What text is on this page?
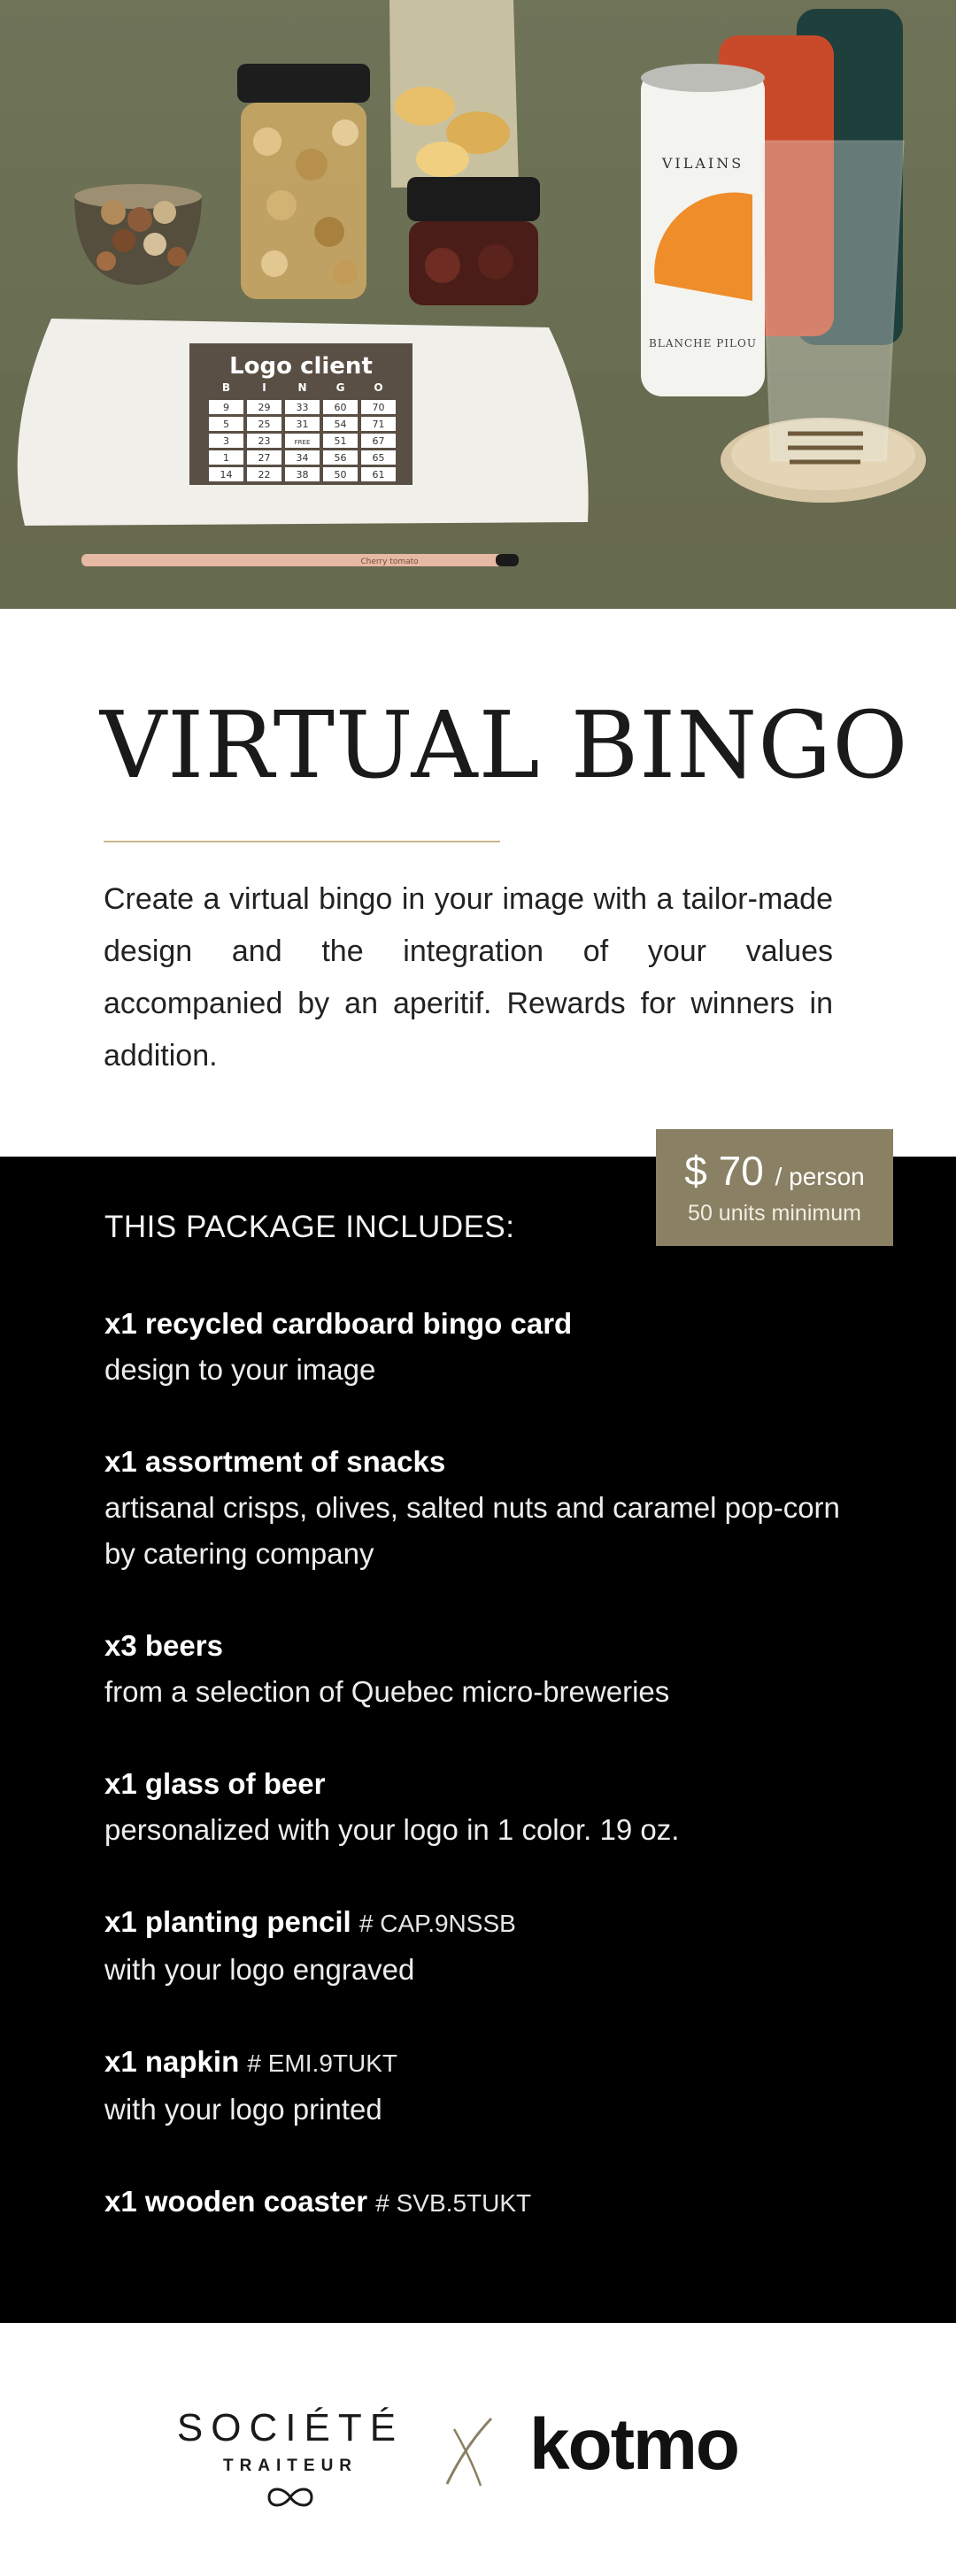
VILAINS
BLANCHE PILOU
Logo client
B	I	N	G	O
9	29	33	60	70
5	25	31	54	71
3	23	FREE 51	67
1	27	34	56	65
14	22	38	50	61
Cherry tomato
VIRTUAL BINGO

Create a virtual bingo in your image with a tailor-made design and the integration of your values accompanied by an aperitif. Rewards for winners in addition.

THIS PACKAGE INCLUDES:
x1 recycled cardboard bingo card
design to your image
x1 assortment of snacks
artisanal crisps, olives, salted nuts and caramel pop-corn by catering company
x3 beers
from a selection of Quebec micro-breweries
x1 glass of beer
personalized with your logo in 1 color. 19 oz.
x1 planting pencil # CAP.9NSSB
with your logo engraved
x1 napkin # EMI.9TUKT
with your logo printed
x1 wooden coaster # SVB.5TUKT
$ 70 / person
50 units minimum
SOCIÉTÉ
TRAITEUR	kotmo
